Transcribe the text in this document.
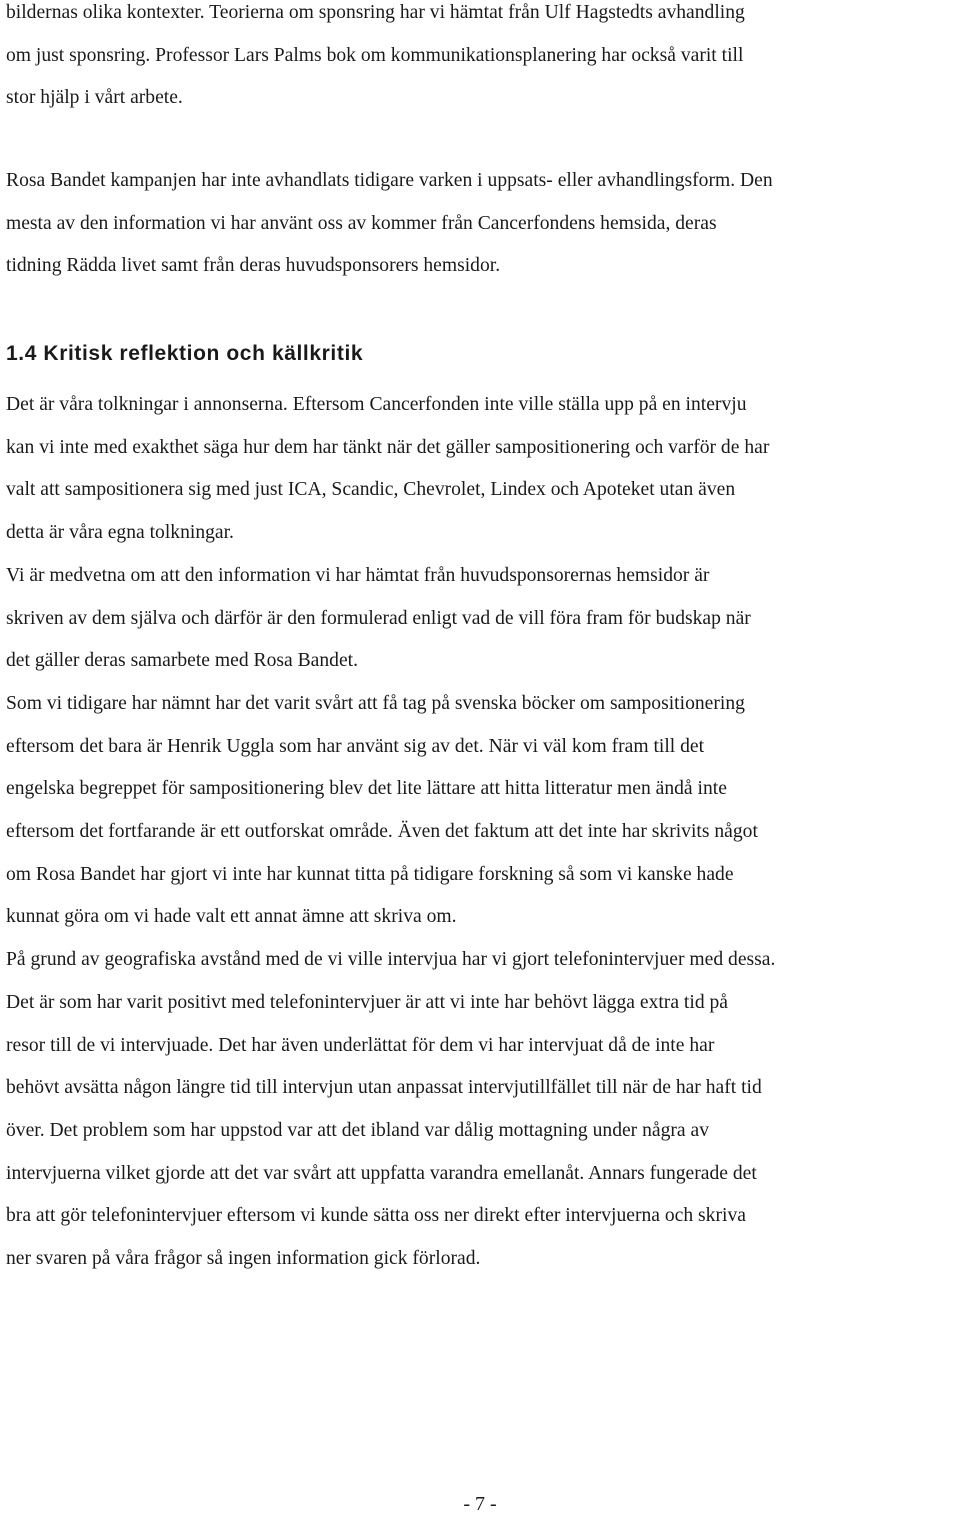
bildernas olika kontexter. Teorierna om sponsring har vi hämtat från Ulf Hagstedts avhandling
om just sponsring. Professor Lars Palms bok om kommunikationsplanering har också varit till
stor hjälp i vårt arbete.

Rosa Bandet kampanjen har inte avhandlats tidigare varken i uppsats- eller avhandlingsform. Den
mesta av den information vi har använt oss av kommer från Cancerfondens hemsida, deras
tidning Rädda livet samt från deras huvudsponsorers hemsidor.

1.4 Kritisk reflektion och källkritik

Det är våra tolkningar i annonserna. Eftersom Cancerfonden inte ville ställa upp på en intervju
kan vi inte med exakthet säga hur dem har tänkt när det gäller sampositionering och varför de har
valt att sampositionera sig med just ICA, Scandic, Chevrolet, Lindex och Apoteket utan även
detta är våra egna tolkningar.
Vi är medvetna om att den information vi har hämtat från huvudsponsorernas hemsidor är
skriven av dem själva och därför är den formulerad enligt vad de vill föra fram för budskap när
det gäller deras samarbete med Rosa Bandet.
Som vi tidigare har nämnt har det varit svårt att få tag på svenska böcker om sampositionering
eftersom det bara är Henrik Uggla som har använt sig av det. När vi väl kom fram till det
engelska begreppet för sampositionering blev det lite lättare att hitta litteratur men ändå inte
eftersom det fortfarande är ett outforskat område. Även det faktum att det inte har skrivits något
om Rosa Bandet har gjort vi inte har kunnat titta på tidigare forskning så som vi kanske hade
kunnat göra om vi hade valt ett annat ämne att skriva om.
På grund av geografiska avstånd med de vi ville intervjua har vi gjort telefonintervjuer med dessa.
Det är som har varit positivt med telefonintervjuer är att vi inte har behövt lägga extra tid på
resor till de vi intervjuade. Det har även underlättat för dem vi har intervjuat då de inte har
behövt avsätta någon längre tid till intervjun utan anpassat intervjutillfället till när de har haft tid
över. Det problem som har uppstod var att det ibland var dålig mottagning under några av
intervjuerna vilket gjorde att det var svårt att uppfatta varandra emellanåt. Annars fungerade det
bra att gör telefonintervjuer eftersom vi kunde sätta oss ner direkt efter intervjuerna och skriva
ner svaren på våra frågor så ingen information gick förlorad.

- 7 -
